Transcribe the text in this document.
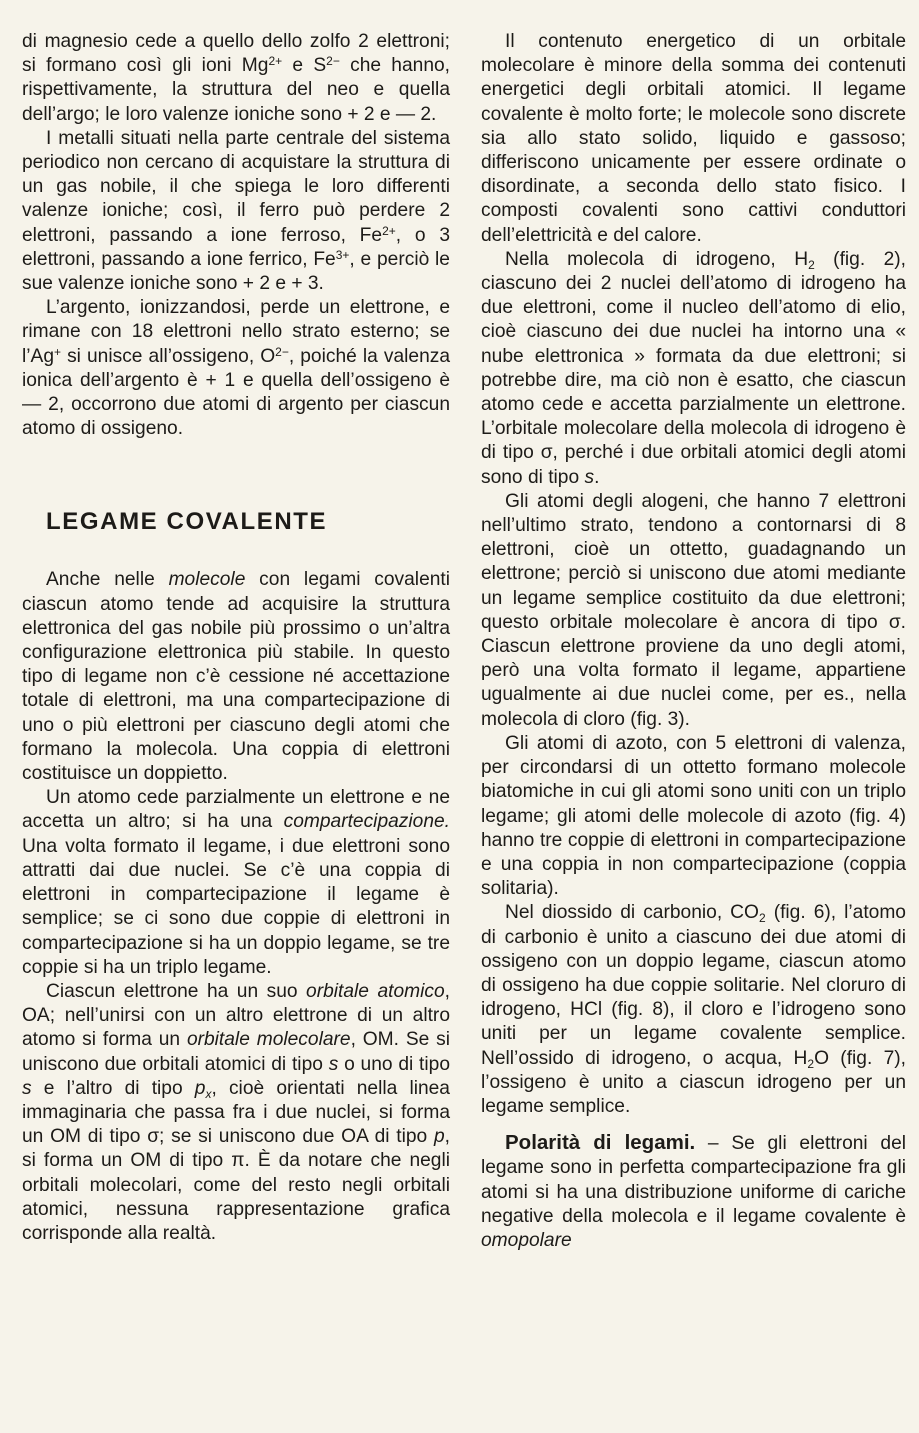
di magnesio cede a quello dello zolfo 2 elettroni; si formano così gli ioni $Mg^{2+}$ e $S^{2-}$ che hanno, rispettivamente, la struttura del neo e quella dell’argo; le loro valenze ioniche sono + 2 e — 2.

I metalli situati nella parte centrale del sistema periodico non cercano di acquistare la struttura di un gas nobile, il che spiega le loro differenti valenze ioniche; così, il ferro può perdere 2 elettroni, passando a ione ferroso, $Fe^{2+}$, o 3 elettroni, passando a ione ferrico, $Fe^{3+}$, e perciò le sue valenze ioniche sono + 2 e + 3.

L’argento, ionizzandosi, perde un elettrone, e rimane con 18 elettroni nello strato esterno; se l’Ag+ si unisce all’ossigeno, $O^{2-}$, poiché la valenza ionica dell’argento è + 1 e quella dell’ossigeno è — 2, occorrono due atomi di argento per ciascun atomo di ossigeno.

LEGAME COVALENTE

Anche nelle molecole con legami covalenti ciascun atomo tende ad acquisire la struttura elettronica del gas nobile più prossimo o un’altra configurazione elettronica più stabile. In questo tipo di legame non c’è cessione né accettazione totale di elettroni, ma una compartecipazione di uno o più elettroni per ciascuno degli atomi che formano la molecola. Una coppia di elettroni costituisce un doppietto.

Un atomo cede parzialmente un elettrone e ne accetta un altro; si ha una compartecipazione. Una volta formato il legame, i due elettroni sono attratti dai due nuclei. Se c’è una coppia di elettroni in compartecipazione il legame è semplice; se ci sono due coppie di elettroni in compartecipazione si ha un doppio legame, se tre coppie si ha un triplo legame.

Ciascun elettrone ha un suo orbitale atomico, OA; nell’unirsi con un altro elettrone di un altro atomo si forma un orbitale molecolare, OM. Se si uniscono due orbitali atomici di tipo s o uno di tipo s e l’altro di tipo $p_x$, cioè orientati nella linea immaginaria che passa fra i due nuclei, si forma un OM di tipo σ; se si uniscono due OA di tipo p, si forma un OM di tipo π. È da notare che negli orbitali molecolari, come del resto negli orbitali atomici, nessuna rappresentazione grafica corrisponde alla realtà.

Il contenuto energetico di un orbitale molecolare è minore della somma dei contenuti energetici degli orbitali atomici. Il legame covalente è molto forte; le molecole sono discrete sia allo stato solido, liquido e gassoso; differiscono unicamente per essere ordinate o disordinate, a seconda dello stato fisico. I composti covalenti sono cattivi conduttori dell’elettricità e del calore.

Nella molecola di idrogeno, $H_2$ (fig. 2), ciascuno dei 2 nuclei dell’atomo di idrogeno ha due elettroni, come il nucleo dell’atomo di elio, cioè ciascuno dei due nuclei ha intorno una « nube elettronica » formata da due elettroni; si potrebbe dire, ma ciò non è esatto, che ciascun atomo cede e accetta parzialmente un elettrone. L’orbitale molecolare della molecola di idrogeno è di tipo σ, perché i due orbitali atomici degli atomi sono di tipo s.

Gli atomi degli alogeni, che hanno 7 elettroni nell’ultimo strato, tendono a contornarsi di 8 elettroni, cioè un ottetto, guadagnando un elettrone; perciò si uniscono due atomi mediante un legame semplice costituito da due elettroni; questo orbitale molecolare è ancora di tipo σ. Ciascun elettrone proviene da uno degli atomi, però una volta formato il legame, appartiene ugualmente ai due nuclei come, per es., nella molecola di cloro (fig. 3).

Gli atomi di azoto, con 5 elettroni di valenza, per circondarsi di un ottetto formano molecole biatomiche in cui gli atomi sono uniti con un triplo legame; gli atomi delle molecole di azoto (fig. 4) hanno tre coppie di elettroni in compartecipazione e una coppia in non compartecipazione (coppia solitaria).

Nel diossido di carbonio, $CO_2$ (fig. 6), l’atomo di carbonio è unito a ciascuno dei due atomi di ossigeno con un doppio legame, ciascun atomo di ossigeno ha due coppie solitarie. Nel cloruro di idrogeno, HCl (fig. 8), il cloro e l’idrogeno sono uniti per un legame covalente semplice. Nell’ossido di idrogeno, o acqua, $H_2O$ (fig. 7), l’ossigeno è unito a ciascun idrogeno per un legame semplice.

Polarità di legami. – Se gli elettroni del legame sono in perfetta compartecipazione fra gli atomi si ha una distribuzione uniforme di cariche negative della molecola e il legame covalente è omopolare
